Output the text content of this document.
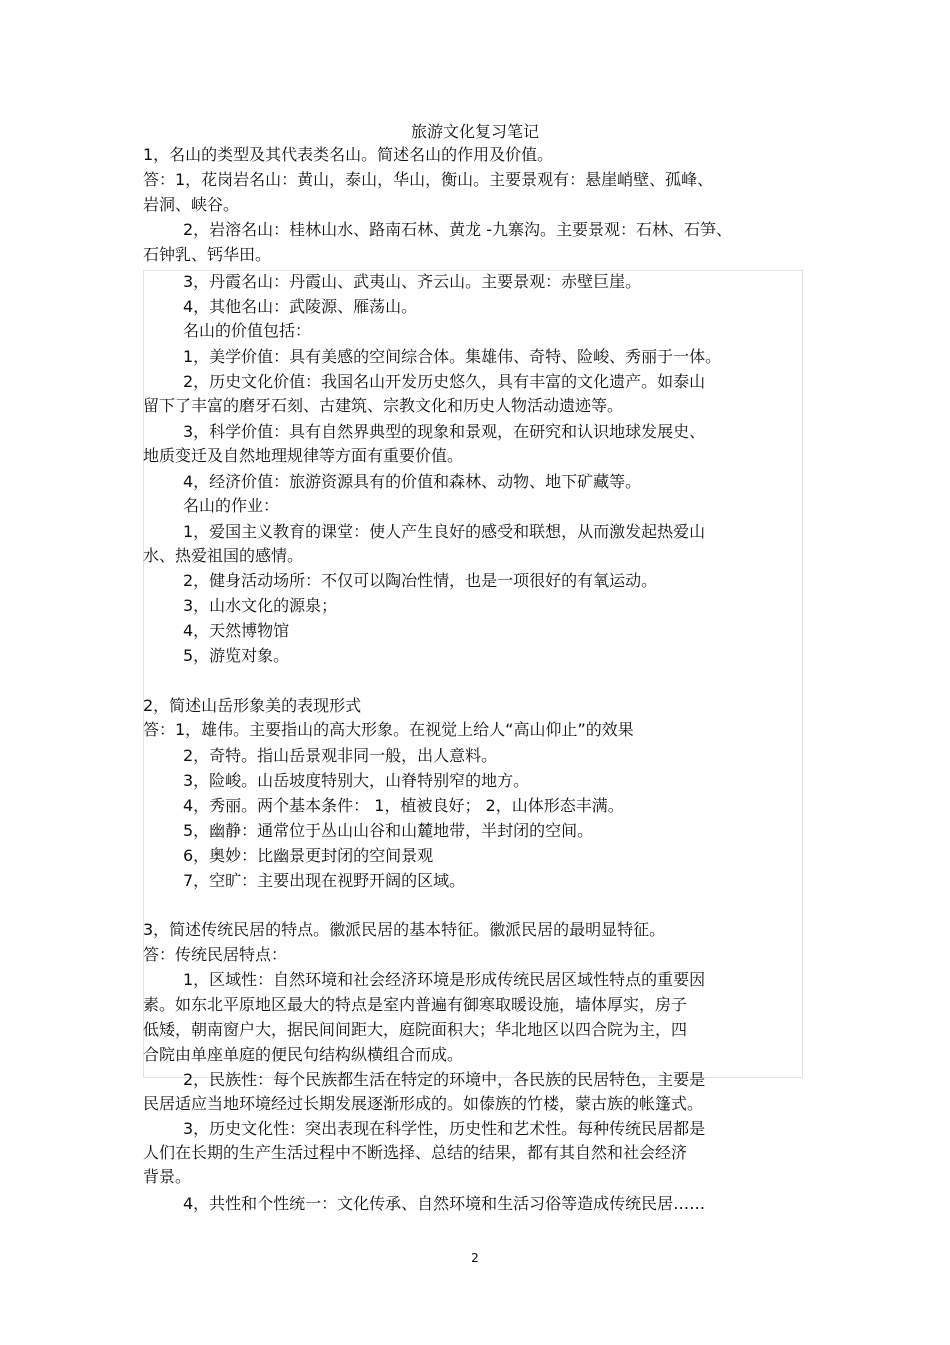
旅游文化复习笔记
1，名山的类型及其代表类名山。简述名山的作用及价值。
答：1，花岗岩名山：黄山，泰山，华山，衡山。主要景观有：悬崖峭壁、孤峰、
岩洞、峡谷。
2，岩溶名山：桂林山水、路南石林、黄龙 -九寨沟。主要景观：石林、石笋、
石钟乳、钙华田。
3，丹霞名山：丹霞山、武夷山、齐云山。主要景观：赤壁巨崖。
4，其他名山：武陵源、雁荡山。
名山的价值包括：
1，美学价值：具有美感的空间综合体。集雄伟、奇特、险峻、秀丽于一体。
2，历史文化价值：我国名山开发历史悠久，具有丰富的文化遗产。如泰山
留下了丰富的磨牙石刻、古建筑、宗教文化和历史人物活动遗迹等。
3，科学价值：具有自然界典型的现象和景观，在研究和认识地球发展史、
地质变迁及自然地理规律等方面有重要价值。
4，经济价值：旅游资源具有的价值和森林、动物、地下矿藏等。
名山的作业：
1，爱国主义教育的课堂：使人产生良好的感受和联想，从而激发起热爱山
水、热爱祖国的感情。
2，健身活动场所：不仅可以陶冶性情，也是一项很好的有氧运动。
3，山水文化的源泉；
4，天然博物馆
5，游览对象。
2，简述山岳形象美的表现形式
答：1，雄伟。主要指山的高大形象。在视觉上给人“高山仰止”的效果
2，奇特。指山岳景观非同一般，出人意料。
3，险峻。山岳坡度特别大，山脊特别窄的地方。
4，秀丽。两个基本条件： 1，植被良好； 2，山体形态丰满。
5，幽静：通常位于丛山山谷和山麓地带，半封闭的空间。
6，奥妙：比幽景更封闭的空间景观
7，空旷：主要出现在视野开阔的区域。
3，简述传统民居的特点。徽派民居的基本特征。徽派民居的最明显特征。
答：传统民居特点：
1，区域性：自然环境和社会经济环境是形成传统民居区域性特点的重要因
素。如东北平原地区最大的特点是室内普遍有御寒取暖设施，墙体厚实，房子
低矮，朝南窗户大，据民间间距大，庭院面积大；华北地区以四合院为主，四
合院由单座单庭的便民句结构纵横组合而成。
2，民族性：每个民族都生活在特定的环境中，各民族的民居特色，主要是
民居适应当地环境经过长期发展逐渐形成的。如傣族的竹楼，蒙古族的帐篷式。
3，历史文化性：突出表现在科学性，历史性和艺术性。每种传统民居都是
人们在长期的生产生活过程中不断选择、总结的结果，都有其自然和社会经济
背景。
4，共性和个性统一：文化传承、自然环境和生活习俗等造成传统民居……
2
